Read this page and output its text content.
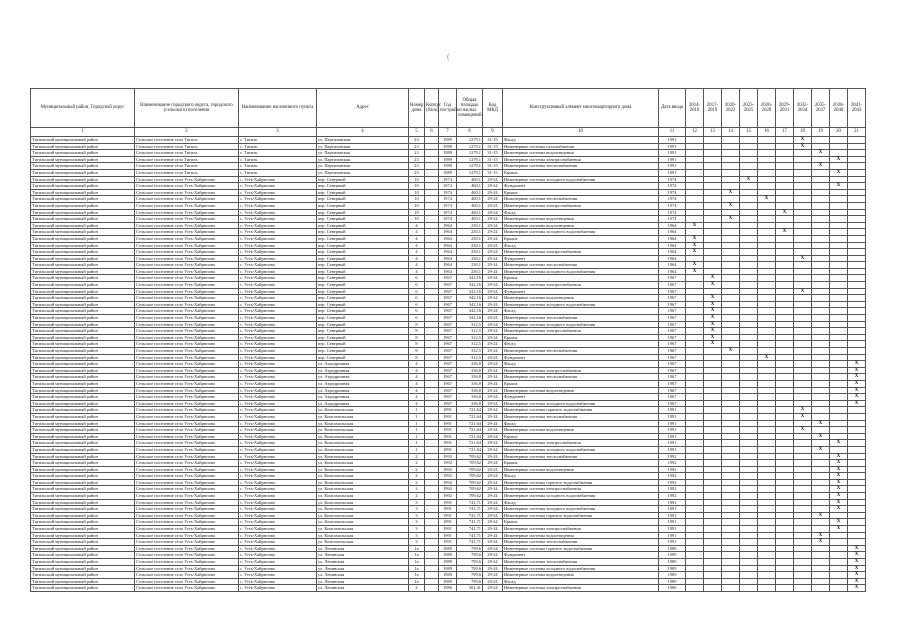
(
Муниципальный район, Городской округ	Наименование городского округа, городского (сельского) поселения	Наименование населенного пункта	Адрес	Номер дома	Корпус (блок)	Год постройки	Общая площадь жилых помещений	Код МКД	Конструктивный элемент многоквартирного дома	Дата ввода	2014-2016	2017-2019	2020-2022	2023-2025	2026-2028	2029-2031	2032-2034	2035-2037	2038-2040	2041-2043
1	2	3	4	5	6	7	8	9	10	11	12	13	14	15	16	17	18	19	20	21
Тигильский муниципальный район	Сельское поселение село Тигиль	с. Тигиль	ул. Партизанская	23		1989	1279,1	31-15	Фасад	1991							X			
Тигильский муниципальный район	Сельское поселение село Тигиль	с. Тигиль	ул. Партизанская	23		1989	1279,1	31-15	Инженерные системы газоснабжения	1991							X			
Тигильский муниципальный район	Сельское поселение село Тигиль	с. Тигиль	ул. Партизанская	23		1989	1279,1	31-15	Инженерные системы водоотведения	1991								X		
Тигильский муниципальный район	Сельское поселение село Тигиль	с. Тигиль	ул. Партизанская	23		1989	1279,1	31-15	Инженерные системы электроснабжения	1991									X	
Тигильский муниципальный район	Сельское поселение село Тигиль	с. Тигиль	ул. Партизанская	23		1989	1279,1	31-15	Инженерные системы теплоснабжения	1991								X		
Тигильский муниципальный район	Сельское поселение село Тигиль	с. Тигиль	ул. Партизанская	23		1989	1279,1	31-15	Крыша	1991									X	
Тигильский муниципальный район	Сельское поселение село Усть-Хайрюзово	с. Усть-Хайрюзово	пер. Северный	10		1974	460,1	29-24	Инженерные системы холодного водоснабжения	1974				X						
Тигильский муниципальный район	Сельское поселение село Усть-Хайрюзово	с. Усть-Хайрюзово	пер. Северный	10		1974	460,1	29-24	Фундамент	1974									X	
Тигильский муниципальный район	Сельское поселение село Усть-Хайрюзово	с. Усть-Хайрюзово	пер. Северный	10		1974	460,1	29-24	Крыша	1974			X							
Тигильский муниципальный район	Сельское поселение село Усть-Хайрюзово	с. Усть-Хайрюзово	пер. Северный	10		1974	460,1	29-24	Инженерные системы теплоснабжения	1974					X					
Тигильский муниципальный район	Сельское поселение село Усть-Хайрюзово	с. Усть-Хайрюзово	пер. Северный	10		1974	460,1	29-24	Инженерные системы электроснабжения	1974			X							
Тигильский муниципальный район	Сельское поселение село Усть-Хайрюзово	с. Усть-Хайрюзово	пер. Северный	10		1974	460,1	29-24	Фасад	1974						X				
Тигильский муниципальный район	Сельское поселение село Усть-Хайрюзово	с. Усть-Хайрюзово	пер. Северный	10		1974	460,1	29-24	Инженерные системы водоотведения	1974			X							
Тигильский муниципальный район	Сельское поселение село Усть-Хайрюзово	с. Усть-Хайрюзово	пер. Северный	4		1964	230,1	29-24	Инженерные системы водоотведения	1964	X									
Тигильский муниципальный район	Сельское поселение село Усть-Хайрюзово	с. Усть-Хайрюзово	пер. Северный	4		1964	230,1	29-24	Инженерные системы холодного водоснабжения	1964						X				
Тигильский муниципальный район	Сельское поселение село Усть-Хайрюзово	с. Усть-Хайрюзово	пер. Северный	4		1964	230,1	29-24	Крыша	1964	X									
Тигильский муниципальный район	Сельское поселение село Усть-Хайрюзово	с. Усть-Хайрюзово	пер. Северный	4		1964	230,1	29-24	Фасад	1964	X									
Тигильский муниципальный район	Сельское поселение село Усть-Хайрюзово	с. Усть-Хайрюзово	пер. Северный	4		1964	230,1	29-24	Инженерные системы электроснабжения	1964	X									
Тигильский муниципальный район	Сельское поселение село Усть-Хайрюзово	с. Усть-Хайрюзово	пер. Северный	4		1964	230,1	29-24	Фундамент	1964							X			
Тигильский муниципальный район	Сельское поселение село Усть-Хайрюзово	с. Усть-Хайрюзово	пер. Северный	4		1964	230,1	29-24	Инженерные системы теплоснабжения	1964	X									
Тигильский муниципальный район	Сельское поселение село Усть-Хайрюзово	с. Усть-Хайрюзово	пер. Северный	4		1964	230,1	29-24	Инженерные системы холодного водоснабжения	1964	X									
Тигильский муниципальный район	Сельское поселение село Усть-Хайрюзово	с. Усть-Хайрюзово	пер. Северный	6		1967	342,16	29-24	Крыша	1967		X								
Тигильский муниципальный район	Сельское поселение село Усть-Хайрюзово	с. Усть-Хайрюзово	пер. Северный	6		1967	342,16	29-24	Инженерные системы электроснабжения	1967		X								
Тигильский муниципальный район	Сельское поселение село Усть-Хайрюзово	с. Усть-Хайрюзово	пер. Северный	6		1967	342,16	29-24	Фундамент	1967							X			
Тигильский муниципальный район	Сельское поселение село Усть-Хайрюзово	с. Усть-Хайрюзово	пер. Северный	6		1967	342,16	29-24	Инженерные системы водоотведения	1967		X								
Тигильский муниципальный район	Сельское поселение село Усть-Хайрюзово	с. Усть-Хайрюзово	пер. Северный	6		1967	342,16	29-24	Инженерные системы холодного водоснабжения	1967		X								
Тигильский муниципальный район	Сельское поселение село Усть-Хайрюзово	с. Усть-Хайрюзово	пер. Северный	6		1967	342,16	29-24	Фасад	1967		X								
Тигильский муниципальный район	Сельское поселение село Усть-Хайрюзово	с. Усть-Хайрюзово	пер. Северный	6		1967	342,16	29-24	Инженерные системы теплоснабжения	1967		X								
Тигильский муниципальный район	Сельское поселение село Усть-Хайрюзово	с. Усть-Хайрюзово	пер. Северный	8		1967	312,5	29-24	Инженерные системы холодного водоснабжения	1967		X								
Тигильский муниципальный район	Сельское поселение село Усть-Хайрюзово	с. Усть-Хайрюзово	пер. Северный	8		1967	312,5	29-24	Инженерные системы электроснабжения	1967		X								
Тигильский муниципальный район	Сельское поселение село Усть-Хайрюзово	с. Усть-Хайрюзово	пер. Северный	8		1967	312,5	29-24	Крыша	1967		X								
Тигильский муниципальный район	Сельское поселение село Усть-Хайрюзово	с. Усть-Хайрюзово	пер. Северный	8		1967	312,5	29-24	Фасад	1967		X								
Тигильский муниципальный район	Сельское поселение село Усть-Хайрюзово	с. Усть-Хайрюзово	пер. Северный	8		1967	312,5	29-24	Инженерные системы теплоснабжения	1967			X							
Тигильский муниципальный район	Сельское поселение село Усть-Хайрюзово	с. Усть-Хайрюзово	пер. Северный	8		1967	312,5	29-24	Фундамент	1967					X					
Тигильский муниципальный район	Сельское поселение село Усть-Хайрюзово	с. Усть-Хайрюзово	ул. Аэродромная	4		1967	336,8	29-24	Фасад	1967										X
Тигильский муниципальный район	Сельское поселение село Усть-Хайрюзово	с. Усть-Хайрюзово	ул. Аэродромная	4		1967	336,8	29-24	Инженерные системы электроснабжения	1967										X
Тигильский муниципальный район	Сельское поселение село Усть-Хайрюзово	с. Усть-Хайрюзово	ул. Аэродромная	4		1967	336,8	29-24	Инженерные системы теплоснабжения	1967										X
Тигильский муниципальный район	Сельское поселение село Усть-Хайрюзово	с. Усть-Хайрюзово	ул. Аэродромная	4		1967	336,8	29-24	Крыша	1967										X
Тигильский муниципальный район	Сельское поселение село Усть-Хайрюзово	с. Усть-Хайрюзово	ул. Аэродромная	4		1967	336,8	29-24	Инженерные системы водоотведения	1967										X
Тигильский муниципальный район	Сельское поселение село Усть-Хайрюзово	с. Усть-Хайрюзово	ул. Аэродромная	4		1967	336,8	29-24	Фундамент	1967										X
Тигильский муниципальный район	Сельское поселение село Усть-Хайрюзово	с. Усть-Хайрюзово	ул. Аэродромная	4		1967	336,8	29-24	Инженерные системы холодного водоснабжения	1967										X
Тигильский муниципальный район	Сельское поселение село Усть-Хайрюзово	с. Усть-Хайрюзово	ул. Комсомольская	1		1991	721,64	29-24	Инженерные системы горячего водоснабжения	1991							X			
Тигильский муниципальный район	Сельское поселение село Усть-Хайрюзово	с. Усть-Хайрюзово	ул. Комсомольская	1		1991	721,64	29-24	Инженерные системы теплоснабжения	1991							X			
Тигильский муниципальный район	Сельское поселение село Усть-Хайрюзово	с. Усть-Хайрюзово	ул. Комсомольская	1		1991	721,64	29-24	Фасад	1991								X		
Тигильский муниципальный район	Сельское поселение село Усть-Хайрюзово	с. Усть-Хайрюзово	ул. Комсомольская	1		1991	721,64	29-24	Инженерные системы водоотведения	1991							X			
Тигильский муниципальный район	Сельское поселение село Усть-Хайрюзово	с. Усть-Хайрюзово	ул. Комсомольская	1		1991	721,64	29-24	Крыша	1991								X		
Тигильский муниципальный район	Сельское поселение село Усть-Хайрюзово	с. Усть-Хайрюзово	ул. Комсомольская	1		1991	721,64	29-24	Инженерные системы электроснабжения	1991									X	
Тигильский муниципальный район	Сельское поселение село Усть-Хайрюзово	с. Усть-Хайрюзово	ул. Комсомольская	1		1991	721,64	29-24	Инженерные системы холодного водоснабжения	1991								X		
Тигильский муниципальный район	Сельское поселение село Усть-Хайрюзово	с. Усть-Хайрюзово	ул. Комсомольская	2		1992	709,62	29-24	Инженерные системы теплоснабжения	1992									X	
Тигильский муниципальный район	Сельское поселение село Усть-Хайрюзово	с. Усть-Хайрюзово	ул. Комсомольская	2		1992	709,62	29-24	Крыша	1992									X	
Тигильский муниципальный район	Сельское поселение село Усть-Хайрюзово	с. Усть-Хайрюзово	ул. Комсомольская	2		1992	709,62	29-24	Инженерные системы водоотведения	1992									X	
Тигильский муниципальный район	Сельское поселение село Усть-Хайрюзово	с. Усть-Хайрюзово	ул. Комсомольская	2		1992	709,62	29-24	Фасад	1992									X	
Тигильский муниципальный район	Сельское поселение село Усть-Хайрюзово	с. Усть-Хайрюзово	ул. Комсомольская	2		1992	709,62	29-24	Инженерные системы горячего водоснабжения	1992									X	
Тигильский муниципальный район	Сельское поселение село Усть-Хайрюзово	с. Усть-Хайрюзово	ул. Комсомольская	2		1992	709,62	29-24	Инженерные системы электроснабжения	1992									X	
Тигильский муниципальный район	Сельское поселение село Усть-Хайрюзово	с. Усть-Хайрюзово	ул. Комсомольская	2		1992	709,62	29-24	Инженерные системы холодного водоснабжения	1992									X	
Тигильский муниципальный район	Сельское поселение село Усть-Хайрюзово	с. Усть-Хайрюзово	ул. Комсомольская	3		1991	741,71	29-24	Фасад	1991									X	
Тигильский муниципальный район	Сельское поселение село Усть-Хайрюзово	с. Усть-Хайрюзово	ул. Комсомольская	3		1991	741,71	29-24	Инженерные системы холодного водоснабжения	1991									X	
Тигильский муниципальный район	Сельское поселение село Усть-Хайрюзово	с. Усть-Хайрюзово	ул. Комсомольская	3		1991	741,71	29-24	Инженерные системы горячего водоснабжения	1991								X		
Тигильский муниципальный район	Сельское поселение село Усть-Хайрюзово	с. Усть-Хайрюзово	ул. Комсомольская	3		1991	741,71	29-24	Крыша	1991									X	
Тигильский муниципальный район	Сельское поселение село Усть-Хайрюзово	с. Усть-Хайрюзово	ул. Комсомольская	3		1991	741,71	29-24	Инженерные системы электроснабжения	1991									X	
Тигильский муниципальный район	Сельское поселение село Усть-Хайрюзово	с. Усть-Хайрюзово	ул. Комсомольская	3		1991	741,71	29-24	Инженерные системы водоотведения	1991								X		
Тигильский муниципальный район	Сельское поселение село Усть-Хайрюзово	с. Усть-Хайрюзово	ул. Комсомольская	3		1991	741,71	29-24	Инженерные системы теплоснабжения	1991								X		
Тигильский муниципальный район	Сельское поселение село Усть-Хайрюзово	с. Усть-Хайрюзово	ул. Ленинская	1а		1989	799,6	29-24	Инженерные системы горячего водоснабжения	1989										X
Тигильский муниципальный район	Сельское поселение село Усть-Хайрюзово	с. Усть-Хайрюзово	ул. Ленинская	1а		1989	799,6	29-24	Фундамент	1989										X
Тигильский муниципальный район	Сельское поселение село Усть-Хайрюзово	с. Усть-Хайрюзово	ул. Ленинская	1а		1989	799,6	29-24	Инженерные системы теплоснабжения	1989										X
Тигильский муниципальный район	Сельское поселение село Усть-Хайрюзово	с. Усть-Хайрюзово	ул. Ленинская	1а		1989	799,6	29-24	Инженерные системы холодного водоснабжения	1989										X
Тигильский муниципальный район	Сельское поселение село Усть-Хайрюзово	с. Усть-Хайрюзово	ул. Ленинская	1а		1989	799,6	29-24	Инженерные системы водоотведения	1989										X
Тигильский муниципальный район	Сельское поселение село Усть-Хайрюзово	с. Усть-Хайрюзово	ул. Ленинская	1а		1989	799,6	29-24	Фасад	1989										X
Тигильский муниципальный район	Сельское поселение село Усть-Хайрюзово	с. Усть-Хайрюзово	ул. Ленинская	2		1986	301,41	29-24	Инженерные системы электроснабжения	1986										X
